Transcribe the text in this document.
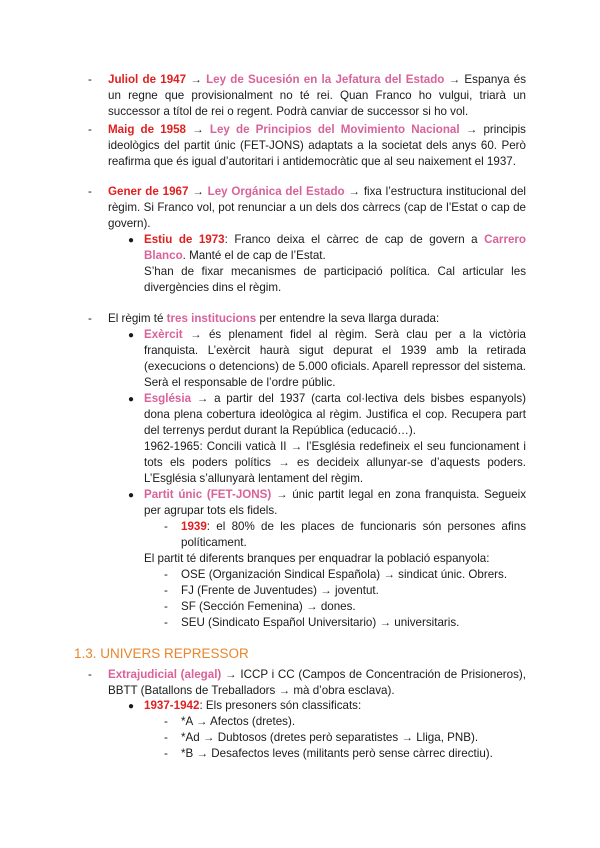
- Juliol de 1947 → Ley de Sucesión en la Jefatura del Estado → Espanya és un regne que provisionalment no té rei. Quan Franco ho vulgui, triarà un successor a títol de rei o regent. Podrà canviar de successor si ho vol.
- Maig de 1958 → Ley de Principios del Movimiento Nacional → principis ideològics del partit únic (FET-JONS) adaptats a la societat dels anys 60. Però reafirma que és igual d’autoritari i antidemocràtic que al seu naixement el 1937.
- Gener de 1967 → Ley Orgánica del Estado → fixa l’estructura institucional del règim. Si Franco vol, pot renunciar a un dels dos càrrecs (cap de l’Estat o cap de govern).
● Estiu de 1973: Franco deixa el càrrec de cap de govern a Carrero Blanco. Manté el de cap de l’Estat.
S’han de fixar mecanismes de participació política. Cal articular les divergències dins el règim.
- El règim té tres institucions per entendre la seva llarga durada:
● Exèrcit → és plenament fidel al règim. Serà clau per a la victòria franquista. L’exèrcit haurà sigut depurat el 1939 amb la retirada (execucions o detencions) de 5.000 oficials. Aparell repressor del sistema. Serà el responsable de l’ordre públic.
● Església → a partir del 1937 (carta col·lectiva dels bisbes espanyols) dona plena cobertura ideològica al règim. Justifica el cop. Recupera part del terrenys perdut durant la República (educació…).
1962-1965: Concili vaticà II → l’Església redefineix el seu funcionament i tots els poders polítics → es decideix allunyar-se d’aquests poders. L’Església s’allunyarà lentament del règim.
● Partit únic (FET-JONS) → únic partit legal en zona franquista. Segueix per agrupar tots els fidels.
- 1939: el 80% de les places de funcionaris són persones afins políticament.
El partit té diferents branques per enquadrar la població espanyola:
- OSE (Organización Sindical Española) → sindicat únic. Obrers.
- FJ (Frente de Juventudes) → joventut.
- SF (Sección Femenina) → dones.
- SEU (Sindicato Español Universitario) → universitaris.
1.3. UNIVERS REPRESSOR
- Extrajudicial (alegal) → ICCP i CC (Campos de Concentración de Prisioneros), BBTT (Batallons de Treballadors → mà d’obra esclava).
● 1937-1942: Els presoners són classificats:
- *A → Afectos (dretes).
- *Ad → Dubtosos (dretes però separatistes → Lliga, PNB).
- *B → Desafectos leves (militants però sense càrrec directiu).
